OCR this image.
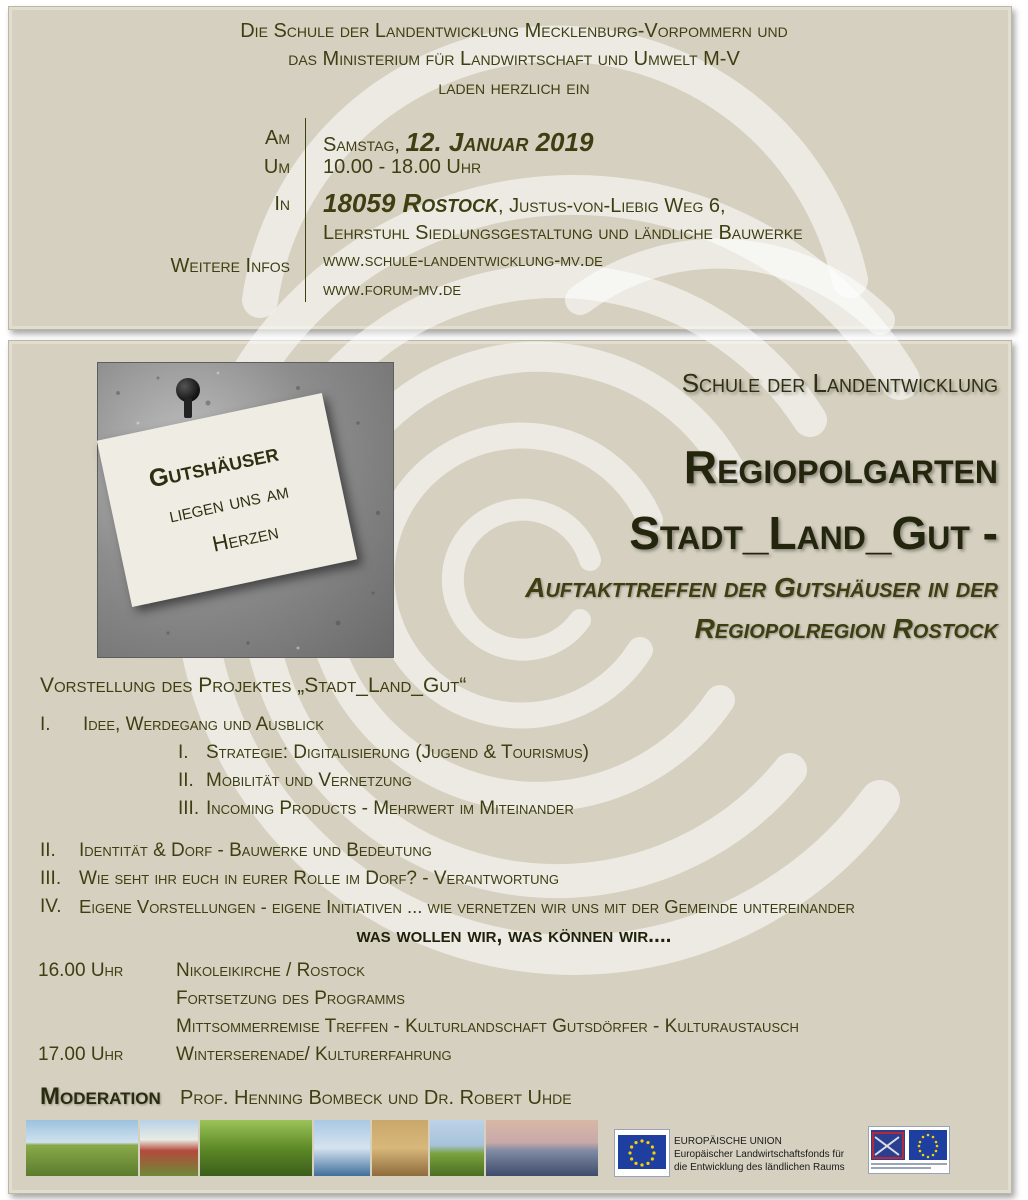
Die Schule der Landentwicklung Mecklenburg-Vorpommern und
das Ministerium für Landwirtschaft und Umwelt M-V
laden herzlich ein
Am Samstag, 12. Januar 2019
Um 10.00 - 18.00 Uhr
In 18059 Rostock, Justus-von-Liebig Weg 6,
Lehrstuhl Siedlungsgestaltung und ländliche Bauwerke
Weitere Infos www.schule-landentwicklung-mv.de
www.forum-mv.de
Gutshäuser
liegen uns am
Herzen
Schule der Landentwicklung
Regiopolgarten
Stadt_Land_Gut -
Auftakttreffen der Gutshäuser in der
Regiopolregion Rostock
Vorstellung des Projektes „Stadt_Land_Gut“
I. Idee, Werdegang und Ausblick
I. Strategie: Digitalisierung (Jugend & Tourismus)
II. Mobilität und Vernetzung
III. Incoming Products - Mehrwert im Miteinander
II. Identität & Dorf - Bauwerke und Bedeutung
III. Wie seht ihr euch in eurer Rolle im Dorf? - Verantwortung
IV. Eigene Vorstellungen - eigene Initiativen ... wie vernetzen wir uns mit der Gemeinde untereinander
was wollen wir, was können wir....
16.00 Uhr	Nikoleikirche / Rostock
Fortsetzung des Programms
Mittsommerremise Treffen - Kulturlandschaft Gutsdörfer - Kulturaustausch
17.00 Uhr	Winterserenade/ Kulturerfahrung
Moderation Prof. Henning Bombeck und Dr. Robert Uhde
EUROPÄISCHE UNION
Europäischer Landwirtschaftsfonds für
die Entwicklung des ländlichen Raums
